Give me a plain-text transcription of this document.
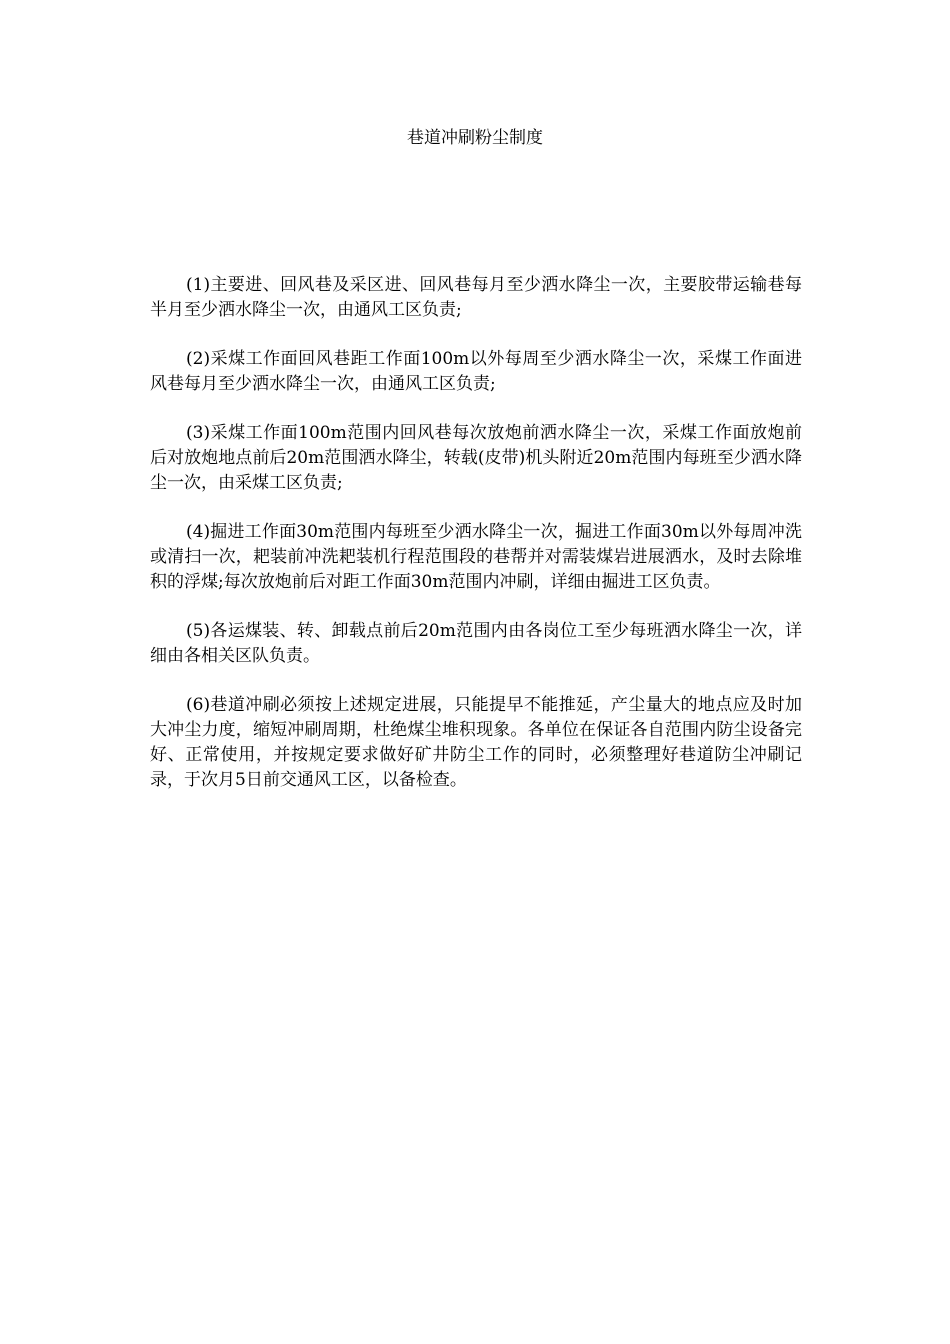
巷道冲刷粉尘制度

(1)主要进、回风巷及采区进、回风巷每月至少洒水降尘一次，主要胶带运输巷每半月至少洒水降尘一次，由通风工区负责;

(2)采煤工作面回风巷距工作面100m以外每周至少洒水降尘一次，采煤工作面进风巷每月至少洒水降尘一次，由通风工区负责;

(3)采煤工作面100m范围内回风巷每次放炮前洒水降尘一次，采煤工作面放炮前后对放炮地点前后20m范围洒水降尘，转载(皮带)机头附近20m范围内每班至少洒水降尘一次，由采煤工区负责;

(4)掘进工作面30m范围内每班至少洒水降尘一次，掘进工作面30m以外每周冲洗或清扫一次，耙装前冲洗耙装机行程范围段的巷帮并对需装煤岩进展洒水，及时去除堆积的浮煤;每次放炮前后对距工作面30m范围内冲刷，详细由掘进工区负责。

(5)各运煤装、转、卸载点前后20m范围内由各岗位工至少每班洒水降尘一次，详细由各相关区队负责。

(6)巷道冲刷必须按上述规定进展，只能提早不能推延，产尘量大的地点应及时加大冲尘力度，缩短冲刷周期，杜绝煤尘堆积现象。各单位在保证各自范围内防尘设备完好、正常使用，并按规定要求做好矿井防尘工作的同时，必须整理好巷道防尘冲刷记录，于次月5日前交通风工区，以备检查。
